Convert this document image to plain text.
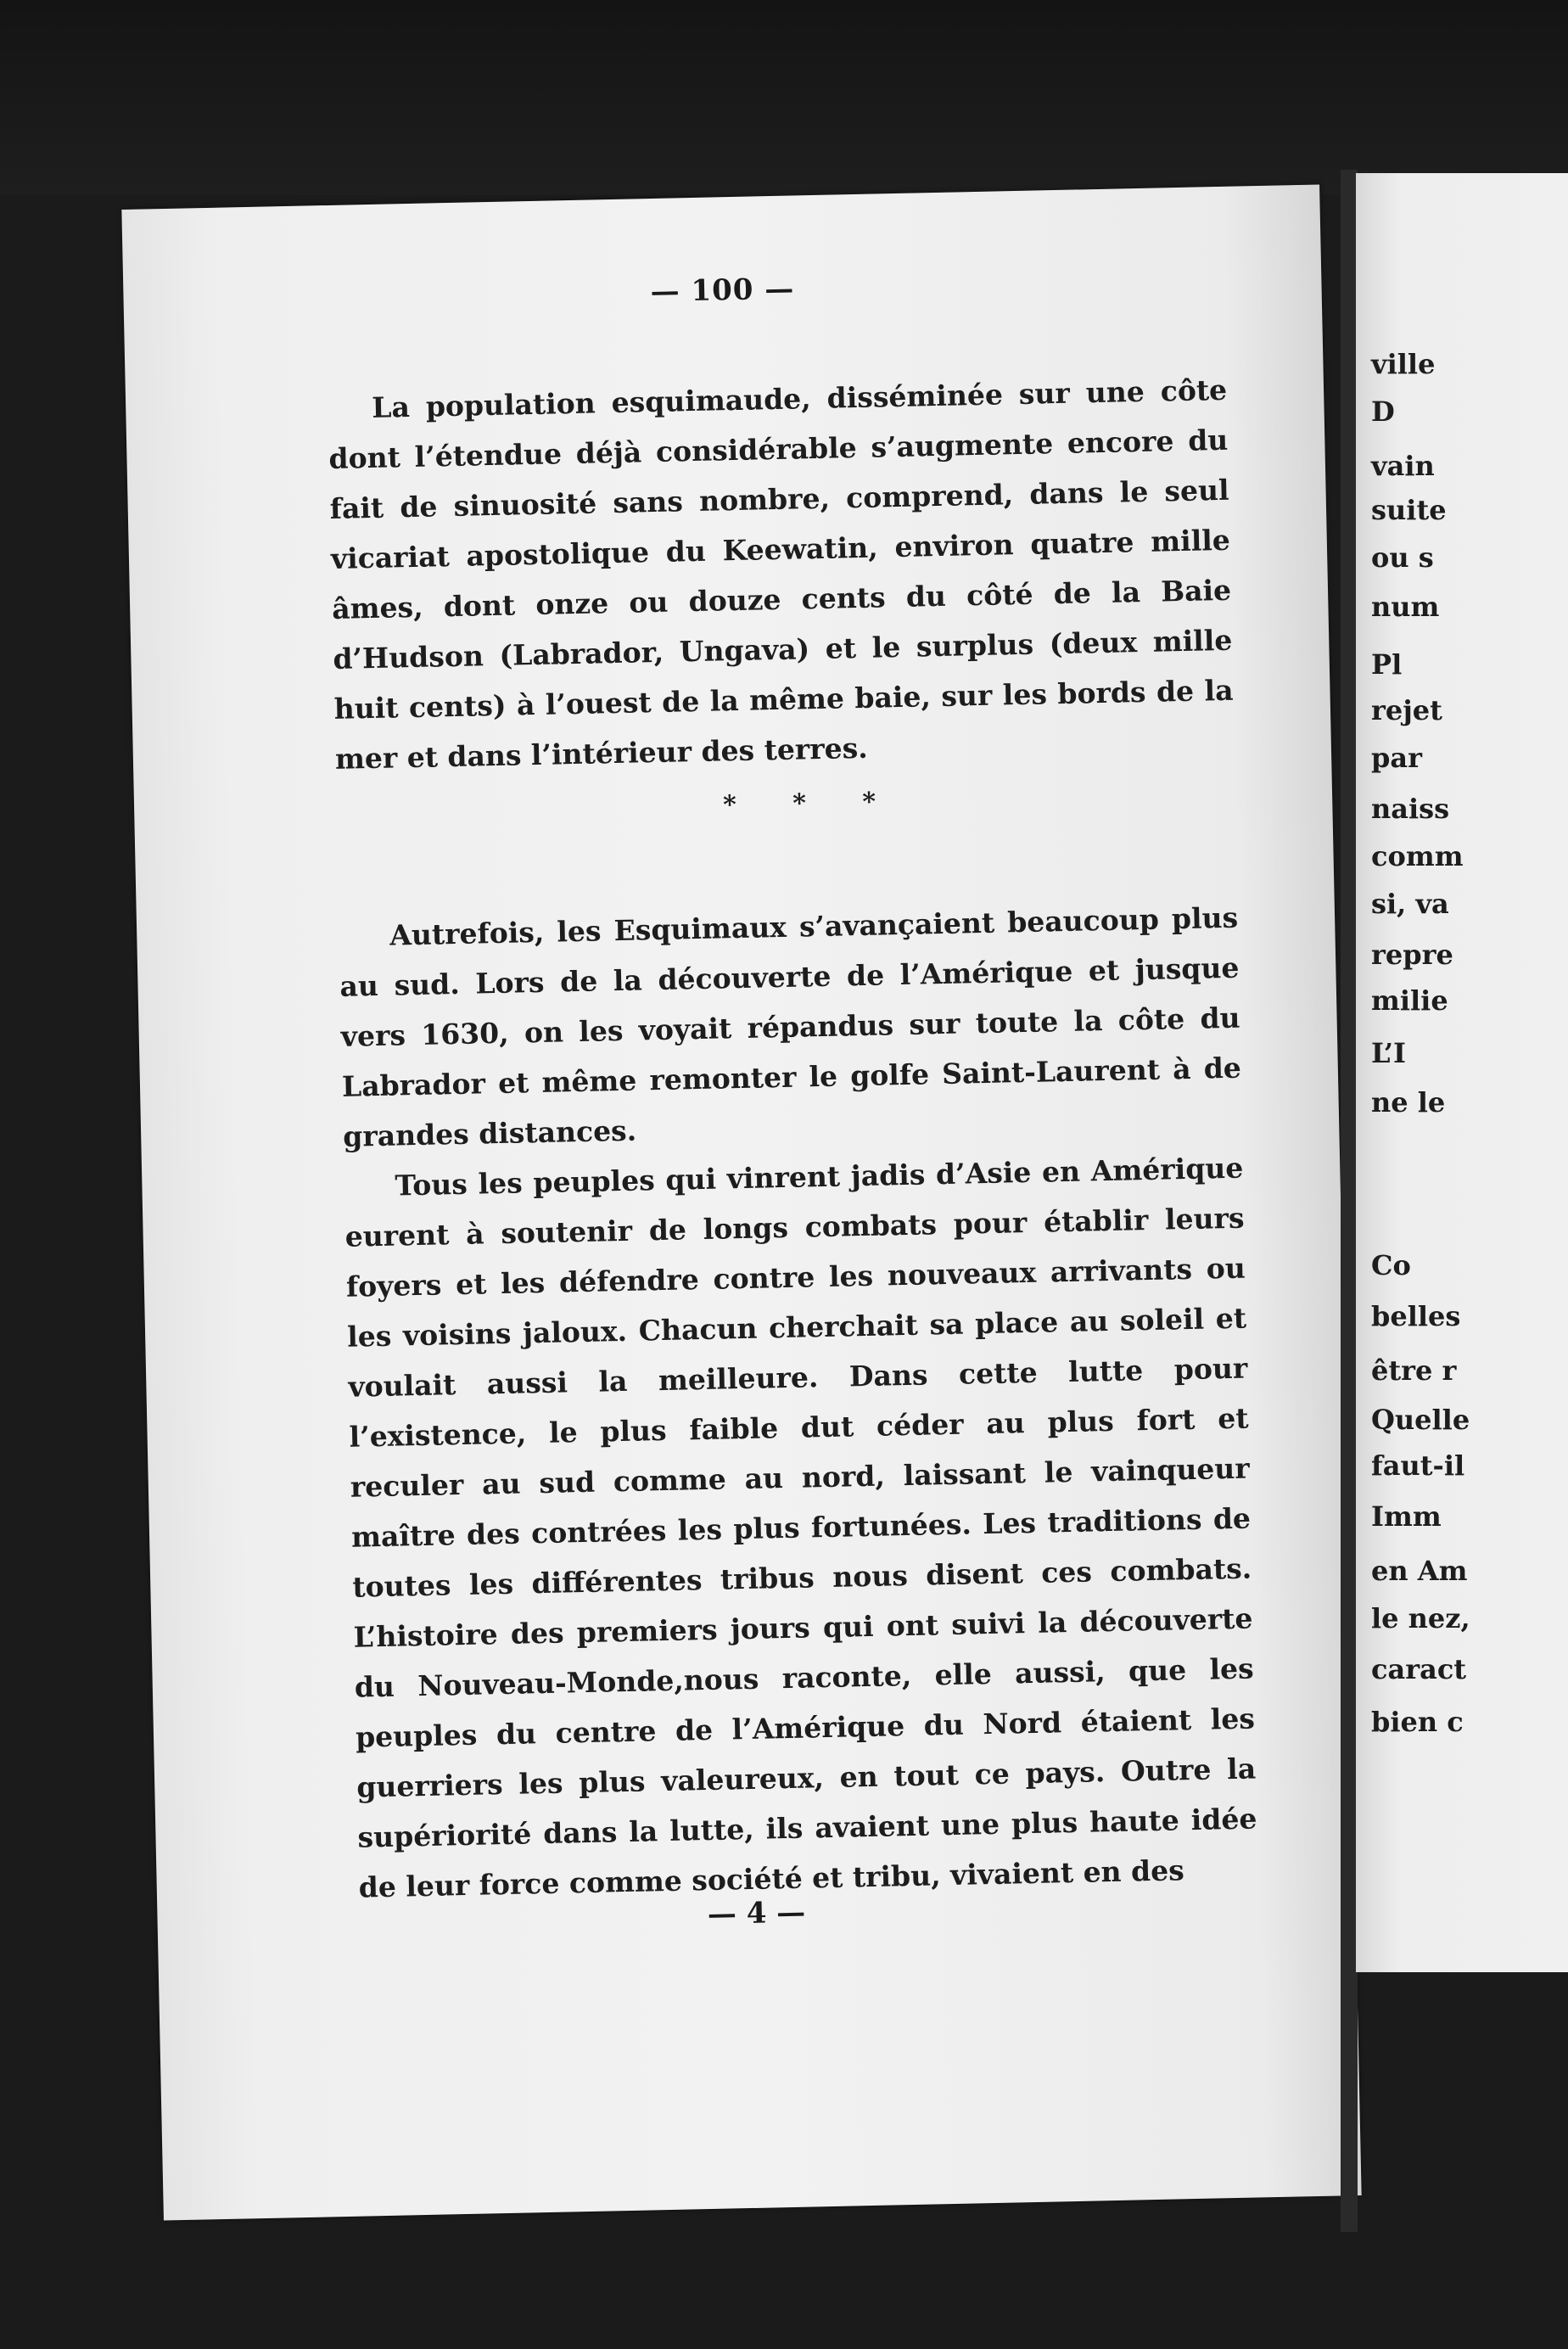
— 100 —

La population esquimaude, disséminée sur une côte dont l’étendue déjà considérable s’augmente encore du fait de sinuosité sans nombre, comprend, dans le seul vicariat apostolique du Keewatin, environ quatre mille âmes, dont onze ou douze cents du côté de la Baie d’Hudson (Labrador, Ungava) et le surplus (deux mille huit cents) à l’ouest de la même baie, sur les bords de la mer et dans l’intérieur des terres.

* * *

Autrefois, les Esquimaux s’avançaient beaucoup plus au sud. Lors de la découverte de l’Amérique et jusque vers 1630, on les voyait répandus sur toute la côte du Labrador et même remonter le golfe Saint-Laurent à de grandes distances.

Tous les peuples qui vinrent jadis d’Asie en Amérique eurent à soutenir de longs combats pour établir leurs foyers et les défendre contre les nouveaux arrivants ou les voisins jaloux. Chacun cherchait sa place au soleil et voulait aussi la meilleure. Dans cette lutte pour l’existence, le plus faible dut céder au plus fort et reculer au sud comme au nord, laissant le vainqueur maître des contrées les plus fortunées. Les traditions de toutes les différentes tribus nous disent ces combats. L’histoire des premiers jours qui ont suivi la découverte du Nouveau-Monde,nous raconte, elle aussi, que les peuples du centre de l’Amérique du Nord étaient les guerriers les plus valeureux, en tout ce pays. Outre la supériorité dans la lutte, ils avaient une plus haute idée de leur force comme société et tribu, vivaient en des

— 4 —
ville
D
vain
suite
ou s
num
Pl
rejet
par
naiss
comm
si, va
repre
milie
L’I
ne le
Co
belles
être r
Quelle
faut-il
Imm
en Am
le nez,
caract
bien c
